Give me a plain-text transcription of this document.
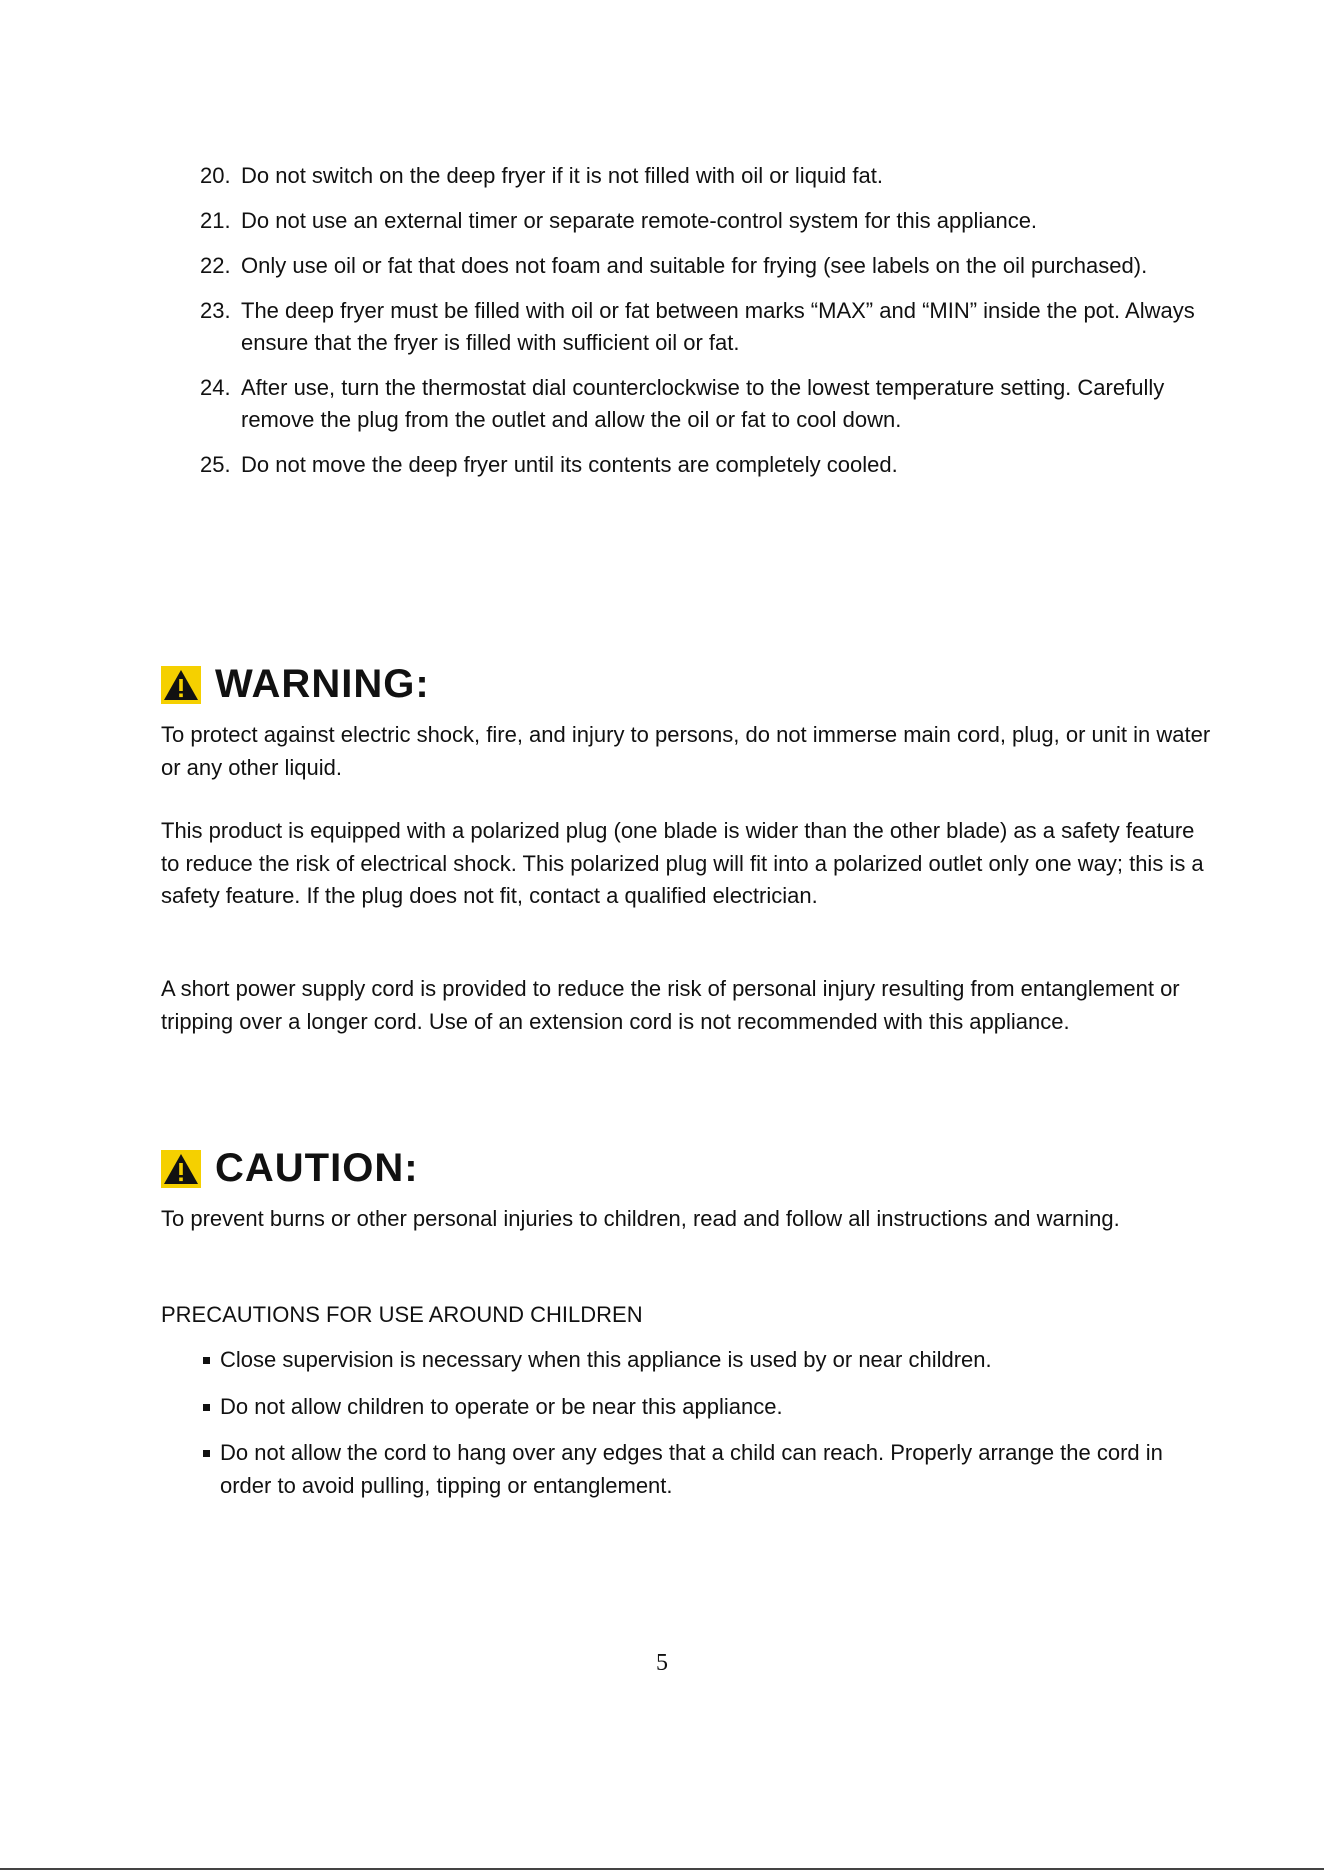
20. Do not switch on the deep fryer if it is not filled with oil or liquid fat.
21. Do not use an external timer or separate remote-control system for this appliance.
22. Only use oil or fat that does not foam and suitable for frying (see labels on the oil purchased).
23. The deep fryer must be filled with oil or fat between marks “MAX” and “MIN” inside the pot. Always ensure that the fryer is filled with sufficient oil or fat.
24. After use, turn the thermostat dial counterclockwise to the lowest temperature setting. Carefully remove the plug from the outlet and allow the oil or fat to cool down.
25. Do not move the deep fryer until its contents are completely cooled.
WARNING:

To protect against electric shock, fire, and injury to persons, do not immerse main cord, plug, or unit in water or any other liquid.

This product is equipped with a polarized plug (one blade is wider than the other blade) as a safety feature to reduce the risk of electrical shock. This polarized plug will fit into a polarized outlet only one way; this is a safety feature. If the plug does not fit, contact a qualified electrician.

A short power supply cord is provided to reduce the risk of personal injury resulting from entanglement or tripping over a longer cord. Use of an extension cord is not recommended with this appliance.

CAUTION:

To prevent burns or other personal injuries to children, read and follow all instructions and warning.

PRECAUTIONS FOR USE AROUND CHILDREN

Close supervision is necessary when this appliance is used by or near children.
Do not allow children to operate or be near this appliance.
Do not allow the cord to hang over any edges that a child can reach. Properly arrange the cord in order to avoid pulling, tipping or entanglement.
5
